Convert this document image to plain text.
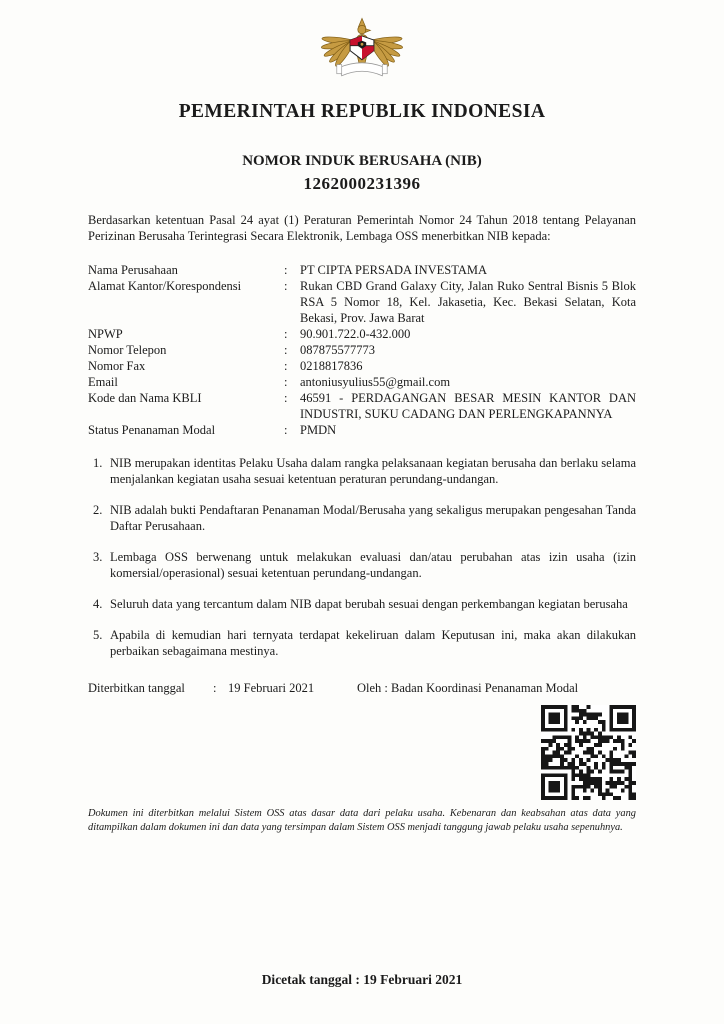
PEMERINTAH REPUBLIK INDONESIA
NOMOR INDUK BERUSAHA (NIB)
1262000231396
Berdasarkan ketentuan Pasal 24 ayat (1) Peraturan Pemerintah Nomor 24 Tahun 2018 tentang Pelayanan Perizinan Berusaha Terintegrasi Secara Elektronik, Lembaga OSS menerbitkan NIB kepada:
Nama Perusahaan	:	PT CIPTA PERSADA INVESTAMA
Alamat Kantor/Korespondensi	:	Rukan CBD Grand Galaxy City, Jalan Ruko Sentral Bisnis 5 Blok RSA 5 Nomor 18, Kel. Jakasetia, Kec. Bekasi Selatan, Kota Bekasi, Prov. Jawa Barat
NPWP	:	90.901.722.0-432.000
Nomor Telepon	:	087875577773
Nomor Fax	:	0218817836
Email	:	antoniusyulius55@gmail.com
Kode dan Nama KBLI	:	46591 - PERDAGANGAN BESAR MESIN KANTOR DAN INDUSTRI, SUKU CADANG DAN PERLENGKAPANNYA
Status Penanaman Modal	:	PMDN
1. NIB merupakan identitas Pelaku Usaha dalam rangka pelaksanaan kegiatan berusaha dan berlaku selama menjalankan kegiatan usaha sesuai ketentuan peraturan perundang-undangan.
2. NIB adalah bukti Pendaftaran Penanaman Modal/Berusaha yang sekaligus merupakan pengesahan Tanda Daftar Perusahaan.
3. Lembaga OSS berwenang untuk melakukan evaluasi dan/atau perubahan atas izin usaha (izin komersial/operasional) sesuai ketentuan perundang-undangan.
4. Seluruh data yang tercantum dalam NIB dapat berubah sesuai dengan perkembangan kegiatan berusaha
5. Apabila di kemudian hari ternyata terdapat kekeliruan dalam Keputusan ini, maka akan dilakukan perbaikan sebagaimana mestinya.
Diterbitkan tanggal	: 19 Februari 2021	Oleh : Badan Koordinasi Penanaman Modal
Dokumen ini diterbitkan melalui Sistem OSS atas dasar data dari pelaku usaha. Kebenaran dan keabsahan atas data yang ditampilkan dalam dokumen ini dan data yang tersimpan dalam Sistem OSS menjadi tanggung jawab pelaku usaha sepenuhnya.
Dicetak tanggal : 19 Februari 2021
